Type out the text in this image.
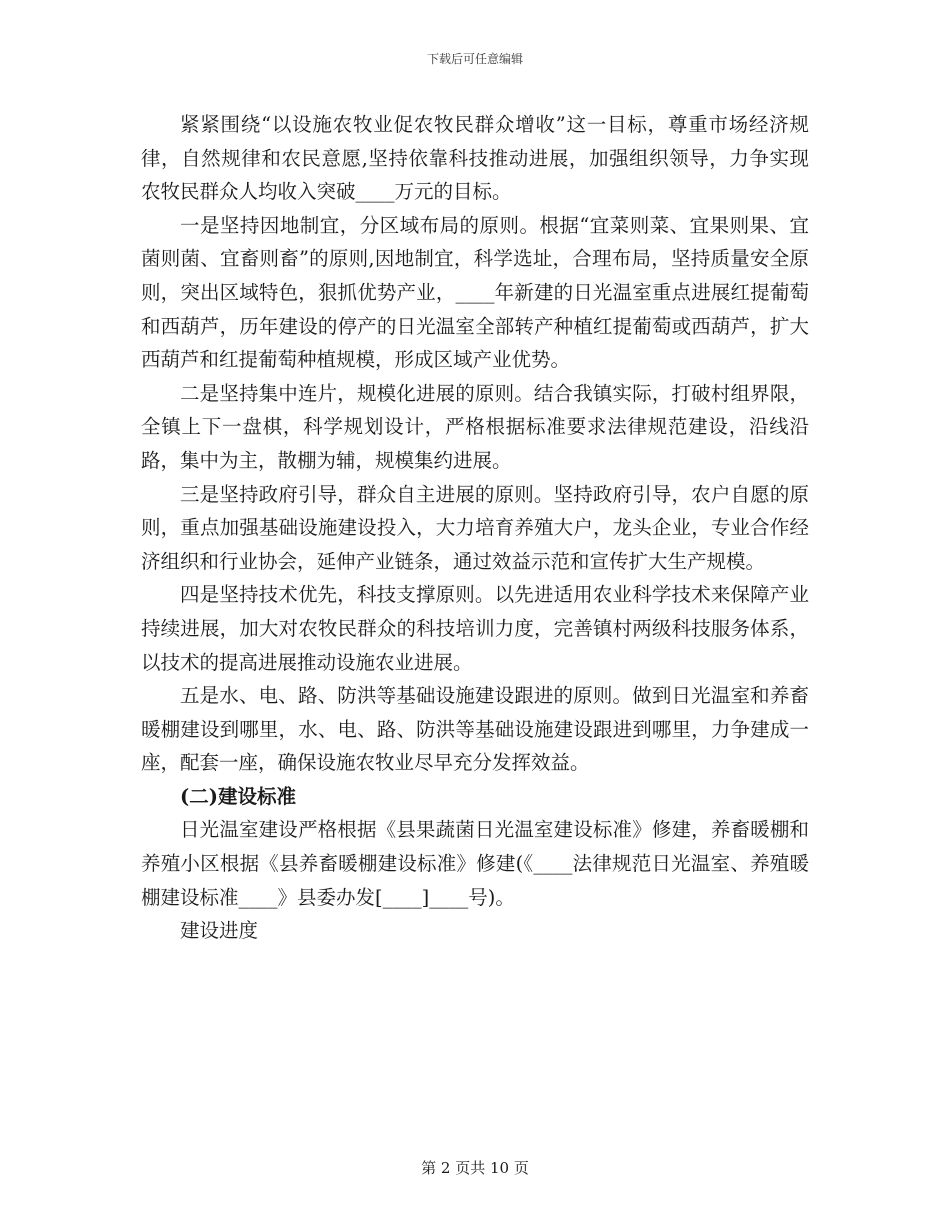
下载后可任意编辑

紧紧围绕“以设施农牧业促农牧民群众增收”这一目标，尊重市场经济规律，自然规律和农民意愿,坚持依靠科技推动进展，加强组织领导，力争实现农牧民群众人均收入突破____万元的目标。

一是坚持因地制宜，分区域布局的原则。根据“宜菜则菜、宜果则果、宜菌则菌、宜畜则畜”的原则,因地制宜，科学选址，合理布局，坚持质量安全原则，突出区域特色，狠抓优势产业，____年新建的日光温室重点进展红提葡萄和西葫芦，历年建设的停产的日光温室全部转产种植红提葡萄或西葫芦，扩大西葫芦和红提葡萄种植规模，形成区域产业优势。

二是坚持集中连片，规模化进展的原则。结合我镇实际，打破村组界限，全镇上下一盘棋，科学规划设计，严格根据标准要求法律规范建设，沿线沿路，集中为主，散棚为辅，规模集约进展。

三是坚持政府引导，群众自主进展的原则。坚持政府引导，农户自愿的原则，重点加强基础设施建设投入，大力培育养殖大户，龙头企业，专业合作经济组织和行业协会，延伸产业链条，通过效益示范和宣传扩大生产规模。

四是坚持技术优先，科技支撑原则。以先进适用农业科学技术来保障产业持续进展，加大对农牧民群众的科技培训力度，完善镇村两级科技服务体系，以技术的提高进展推动设施农业进展。

五是水、电、路、防洪等基础设施建设跟进的原则。做到日光温室和养畜暖棚建设到哪里，水、电、路、防洪等基础设施建设跟进到哪里，力争建成一座，配套一座，确保设施农牧业尽早充分发挥效益。

(二)建设标准

日光温室建设严格根据《县果蔬菌日光温室建设标准》修建，养畜暖棚和养殖小区根据《县养畜暖棚建设标准》修建(《____法律规范日光温室、养殖暖棚建设标准____》县委办发[____]____号)。

建设进度

第 2 页共 10 页
